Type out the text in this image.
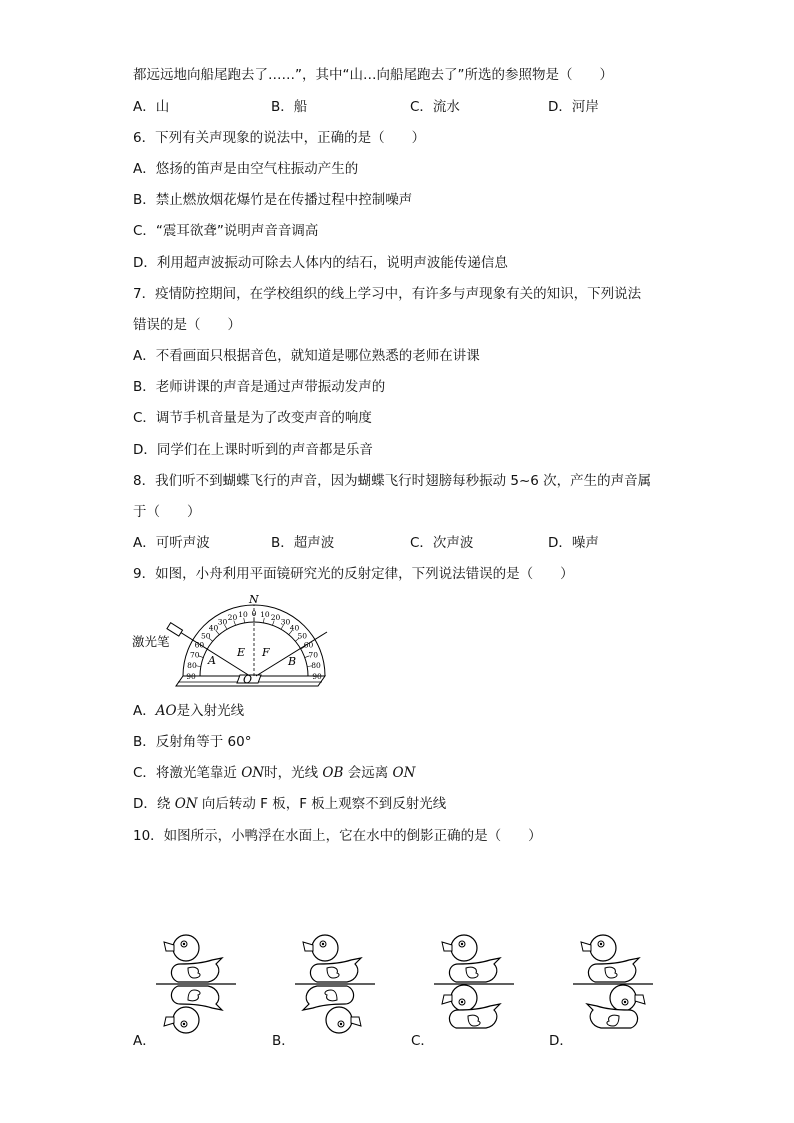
都远远地向船尾跑去了……”，其中“山…向船尾跑去了”所选的参照物是（　　）
A．山	B．船	C．流水	D．河岸
6．下列有关声现象的说法中，正确的是（　　）
A．悠扬的笛声是由空气柱振动产生的
B．禁止燃放烟花爆竹是在传播过程中控制噪声
C．“震耳欲聋”说明声音音调高
D．利用超声波振动可除去人体内的结石，说明声波能传递信息
7．疫情防控期间，在学校组织的线上学习中，有许多与声现象有关的知识，下列说法
错误的是（　　）
A．不看画面只根据音色，就知道是哪位熟悉的老师在讲课
B．老师讲课的声音是通过声带振动发声的
C．调节手机音量是为了改变声音的响度
D．同学们在上课时听到的声音都是乐音
8．我们听不到蝴蝶飞行的声音，因为蝴蝶飞行时翅膀每秒振动 5~6 次，产生的声音属
于（　　）
A．可听声波	B．超声波	C．次声波	D．噪声
9．如图，小舟利用平面镜研究光的反射定律，下列说法错误的是（　　）
激光笔
N
O
E F
A	B
0
10
20
30
40
50
60
70
80
90
10 20
30
40
50
60
70
80
90
A．AO是入射光线
B．反射角等于 60°
C．将激光笔靠近 ON时，光线 OB 会远离 ON
D．绕 ON 向后转动 F 板，F 板上观察不到反射光线
10．如图所示，小鸭浮在水面上，它在水中的倒影正确的是（　　）
A．	B．	C．	D．
